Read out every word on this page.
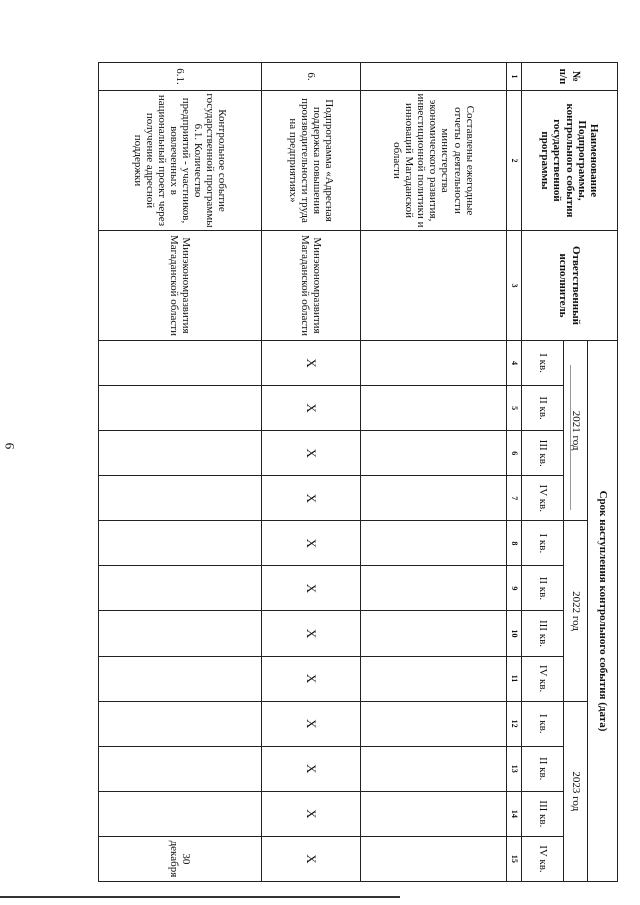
9
№ п/п	Наименование Подпрограммы, контрольного события государственной программы	Ответственный исполнитель	Срок наступления контрольного события (дата)											
			2021 год				2022 год				2023 год			
			I кв.	II кв.	III кв.	IV кв.	I кв.	II кв.	III кв.	IV кв.	I кв.	II кв.	III кв.	IV кв.
1	2	3	4	5	6	7	8	9	10	11	12	13	14	15
	Составлены ежегодные отчеты о деятельности министерства экономического развития, инвестиционной политики и инноваций Магаданской области													
6.	Подпрограмма «Адресная поддержка повышения производительности труда на предприятиях»	Минэкономразвития Магаданской области	X	X	X	X	X	X	X	X	X	X	X	X
6.1.	Контрольное событие государственной программы 6.1. Количество предприятий - участников, вовлеченных в национальный проект через получение адресной поддержки	Минэкономразвития Магаданской области												30 декабря
